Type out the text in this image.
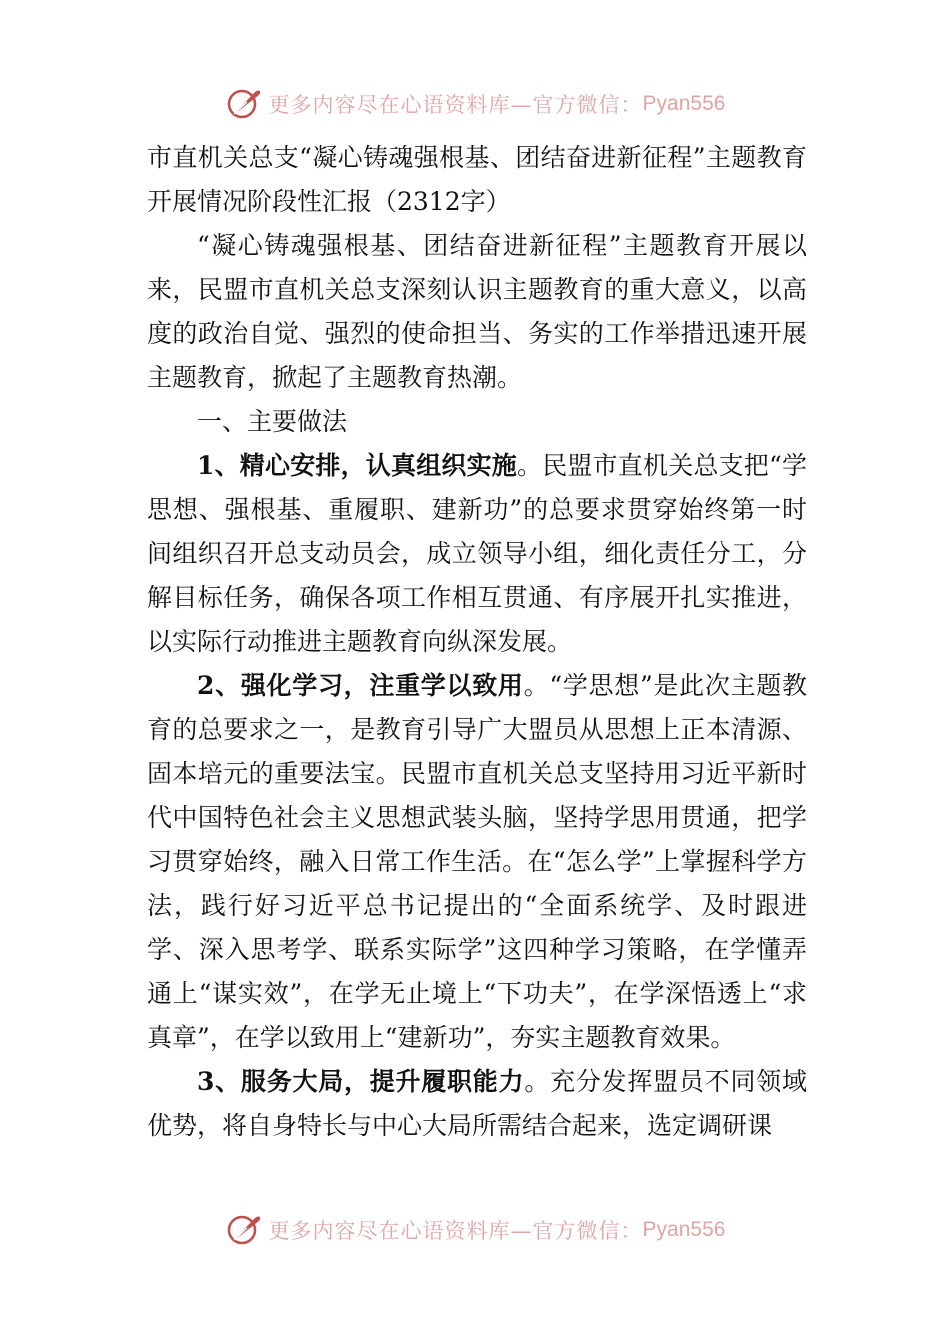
更多内容尽在心语资料库—官方微信： Pyan556

市直机关总支“凝心铸魂强根基、团结奋进新征程”主题教育开展情况阶段性汇报（2312字）

“凝心铸魂强根基、团结奋进新征程”主题教育开展以来，民盟市直机关总支深刻认识主题教育的重大意义，以高度的政治自觉、强烈的使命担当、务实的工作举措迅速开展主题教育，掀起了主题教育热潮。

一、主要做法

1、精心安排，认真组织实施。民盟市直机关总支把“学思想、强根基、重履职、建新功”的总要求贯穿始终第一时间组织召开总支动员会，成立领导小组，细化责任分工，分解目标任务，确保各项工作相互贯通、有序展开扎实推进，以实际行动推进主题教育向纵深发展。

2、强化学习，注重学以致用。“学思想”是此次主题教育的总要求之一，是教育引导广大盟员从思想上正本清源、固本培元的重要法宝。民盟市直机关总支坚持用习近平新时代中国特色社会主义思想武装头脑，坚持学思用贯通，把学习贯穿始终，融入日常工作生活。在“怎么学”上掌握科学方法，践行好习近平总书记提出的“全面系统学、及时跟进学、深入思考学、联系实际学”这四种学习策略，在学懂弄通上“谋实效”，在学无止境上“下功夫”，在学深悟透上“求真章”，在学以致用上“建新功”，夯实主题教育效果。

3、服务大局，提升履职能力。充分发挥盟员不同领域优势，将自身特长与中心大局所需结合起来，选定调研课

更多内容尽在心语资料库—官方微信： Pyan556
